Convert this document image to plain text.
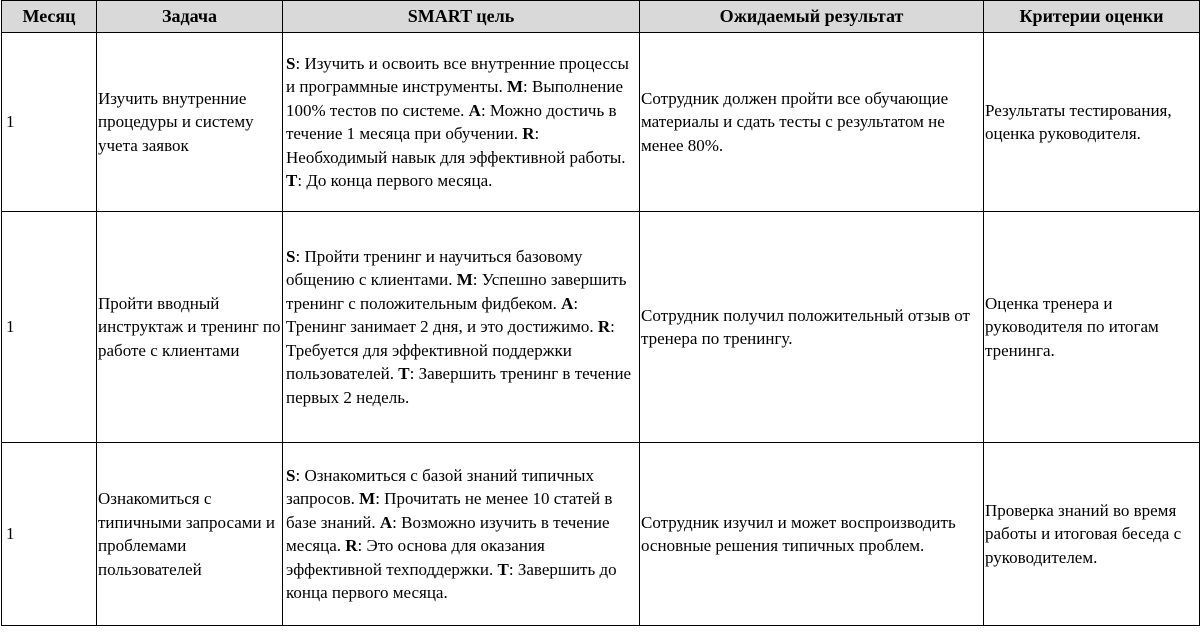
Месяц	Задача	SMART цель	Ожидаемый результат	Критерии оценки
1	Изучить внутренние процедуры и систему учета заявок	S: Изучить и освоить все внутренние процессы и программные инструменты. M: Выполнение 100% тестов по системе. A: Можно достичь в течение 1 месяца при обучении. R: Необходимый навык для эффективной работы. T: До конца первого месяца.	Сотрудник должен пройти все обучающие материалы и сдать тесты с результатом не менее 80%.	Результаты тестирования, оценка руководителя.
1	Пройти вводный инструктаж и тренинг по работе с клиентами	S: Пройти тренинг и научиться базовому общению с клиентами. M: Успешно завершить тренинг с положительным фидбеком. A: Тренинг занимает 2 дня, и это достижимо. R: Требуется для эффективной поддержки пользователей. T: Завершить тренинг в течение первых 2 недель.	Сотрудник получил положительный отзыв от тренера по тренингу.	Оценка тренера и руководителя по итогам тренинга.
1	Ознакомиться с типичными запросами и проблемами пользователей	S: Ознакомиться с базой знаний типичных запросов. M: Прочитать не менее 10 статей в базе знаний. A: Возможно изучить в течение месяца. R: Это основа для оказания эффективной техподдержки. T: Завершить до конца первого месяца.	Сотрудник изучил и может воспроизводить основные решения типичных проблем.	Проверка знаний во время работы и итоговая беседа с руководителем.
